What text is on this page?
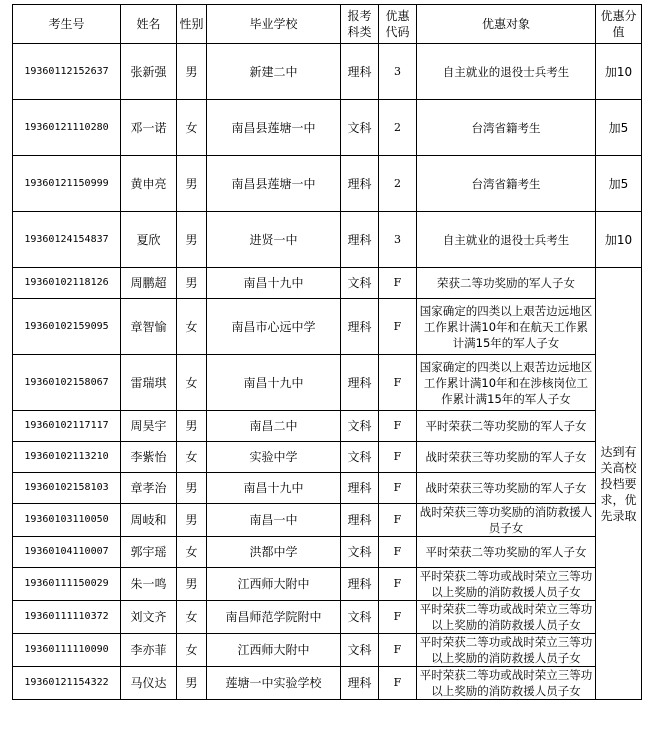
考生号	姓名	性别	毕业学校	报考科类	优惠代码	优惠对象	优惠分值
19360112152637	张新强	男	新建二中	理科	3	自主就业的退役士兵考生	加10
19360121110280	邓一诺	女	南昌县莲塘一中	文科	2	台湾省籍考生	加5
19360121150999	黄申亮	男	南昌县莲塘一中	理科	2	台湾省籍考生	加5
19360124154837	夏欣	男	进贤一中	理科	3	自主就业的退役士兵考生	加10
19360102118126	周鹏超	男	南昌十九中	文科	F	荣获二等功奖励的军人子女	达到有关高校投档要求，优先录取
19360102159095	章智愉	女	南昌市心远中学	理科	F	国家确定的四类以上艰苦边远地区工作累计满10年和在航天工作累计满15年的军人子女	
19360102158067	雷瑞琪	女	南昌十九中	理科	F	国家确定的四类以上艰苦边远地区工作累计满10年和在涉核岗位工作累计满15年的军人子女	
19360102117117	周昊宇	男	南昌二中	文科	F	平时荣获二等功奖励的军人子女	
19360102113210	李紫怡	女	实验中学	文科	F	战时荣获三等功奖励的军人子女	
19360102158103	章孝治	男	南昌十九中	理科	F	战时荣获三等功奖励的军人子女	
19360103110050	周岐和	男	南昌一中	理科	F	战时荣获三等功奖励的消防救援人员子女	
19360104110007	郭宇瑶	女	洪都中学	文科	F	平时荣获二等功奖励的军人子女	
19360111150029	朱一鸣	男	江西师大附中	理科	F	平时荣获二等功或战时荣立三等功以上奖励的消防救援人员子女	
19360111110372	刘文齐	女	南昌师范学院附中	文科	F	平时荣获二等功或战时荣立三等功以上奖励的消防救援人员子女	
19360111110090	李亦菲	女	江西师大附中	文科	F	平时荣获二等功或战时荣立三等功以上奖励的消防救援人员子女	
19360121154322	马仪达	男	莲塘一中实验学校	理科	F	平时荣获二等功或战时荣立三等功以上奖励的消防救援人员子女	
